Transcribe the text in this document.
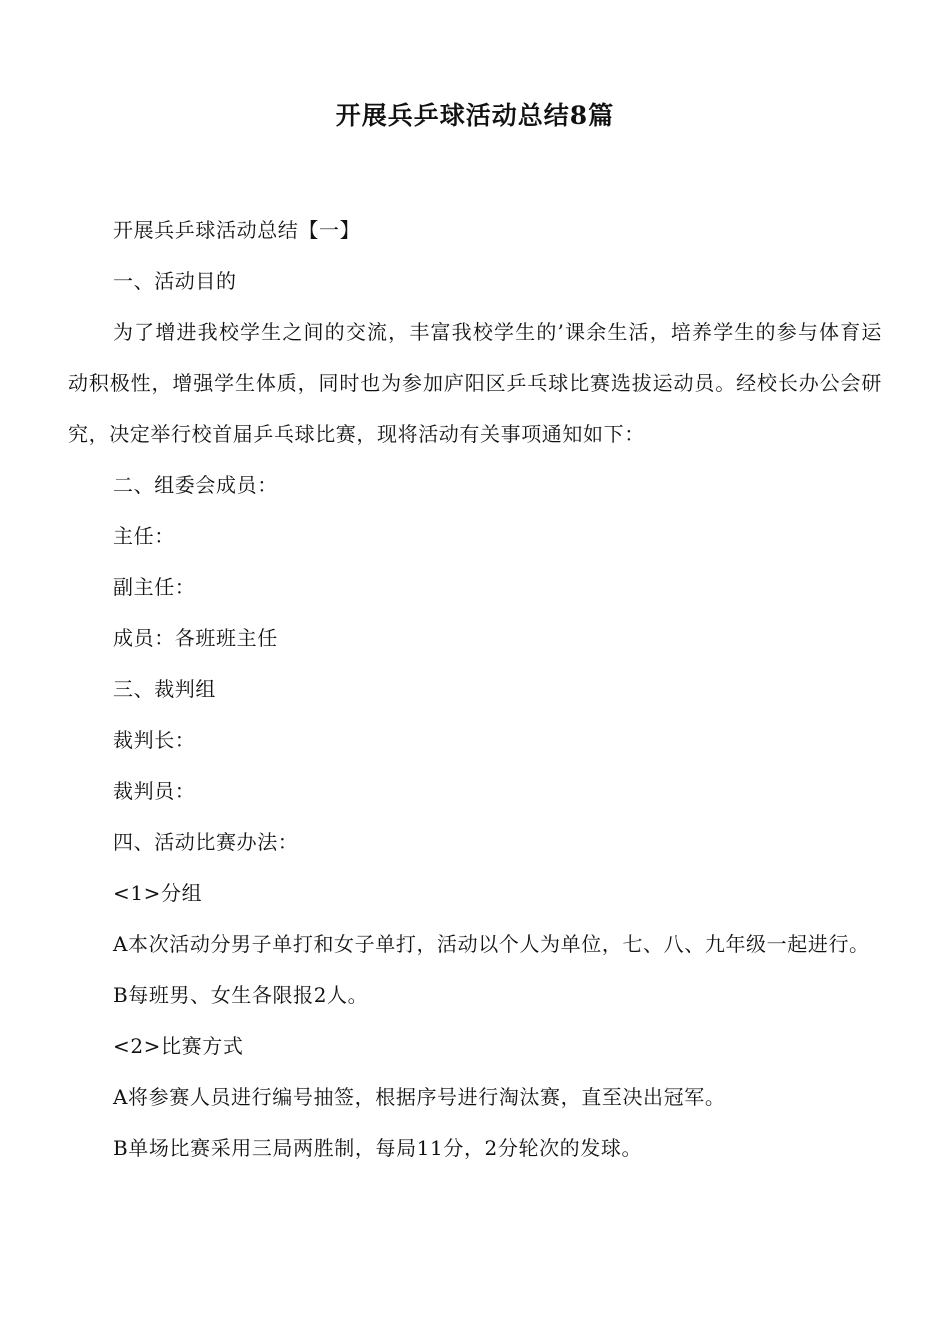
开展兵乒球活动总结8篇

开展兵乒球活动总结【一】

一、活动目的

为了增进我校学生之间的交流，丰富我校学生的’课余生活，培养学生的参与体育运动积极性，增强学生体质，同时也为参加庐阳区乒乓球比赛选拔运动员。经校长办公会研究，决定举行校首届乒乓球比赛，现将活动有关事项通知如下：

二、组委会成员：

主任：

副主任：

成员：各班班主任

三、裁判组

裁判长：

裁判员：

四、活动比赛办法：

<1>分组

A本次活动分男子单打和女子单打，活动以个人为单位，七、八、九年级一起进行。

B每班男、女生各限报2人。

<2>比赛方式

A将参赛人员进行编号抽签，根据序号进行淘汰赛，直至决出冠军。

B单场比赛采用三局两胜制，每局11分，2分轮次的发球。
